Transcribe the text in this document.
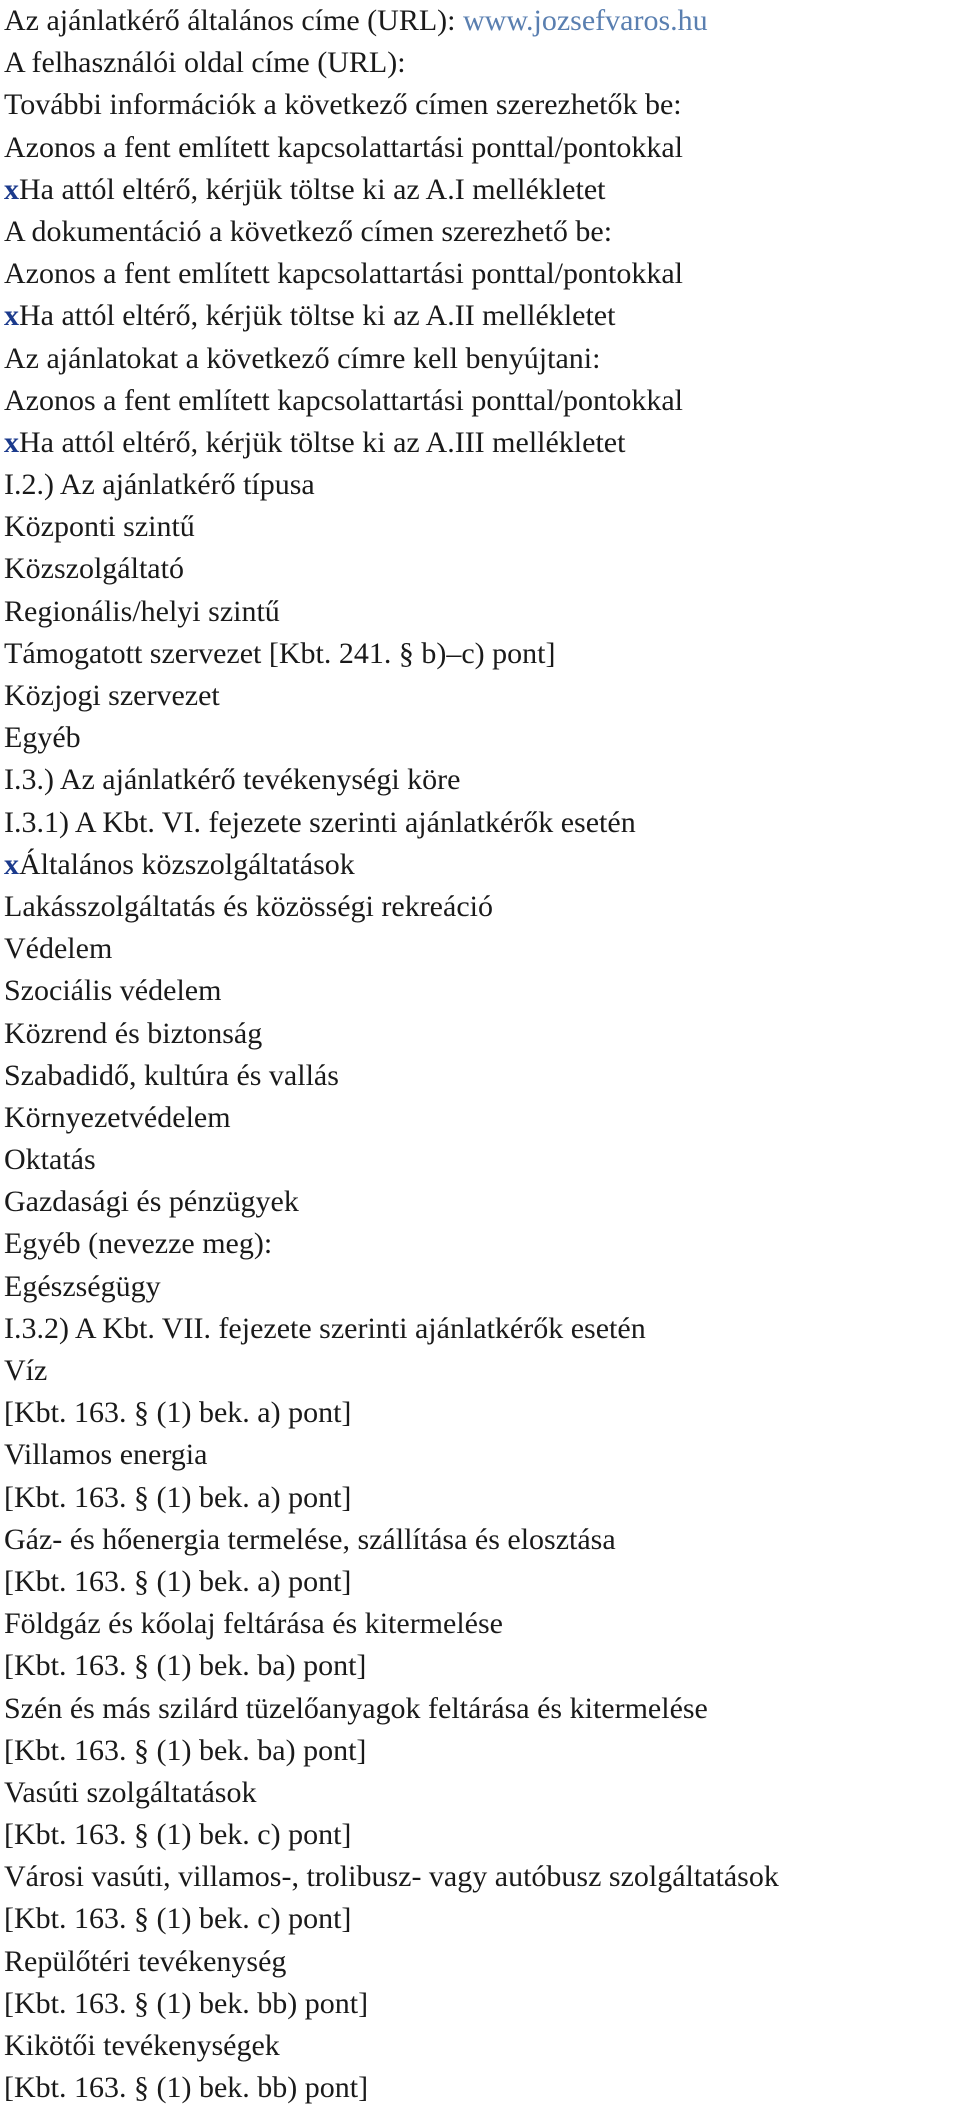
Az ajánlatkérő általános címe (URL): www.jozsefvaros.hu
A felhasználói oldal címe (URL):
További információk a következő címen szerezhetők be:
Azonos a fent említett kapcsolattartási ponttal/pontokkal
xHa attól eltérő, kérjük töltse ki az A.I mellékletet
A dokumentáció a következő címen szerezhető be:
Azonos a fent említett kapcsolattartási ponttal/pontokkal
xHa attól eltérő, kérjük töltse ki az A.II mellékletet
Az ajánlatokat a következő címre kell benyújtani:
Azonos a fent említett kapcsolattartási ponttal/pontokkal
xHa attól eltérő, kérjük töltse ki az A.III mellékletet
I.2.) Az ajánlatkérő típusa
Központi szintű
Közszolgáltató
Regionális/helyi szintű
Támogatott szervezet [Kbt. 241. § b)–c) pont]
Közjogi szervezet
Egyéb
I.3.) Az ajánlatkérő tevékenységi köre
I.3.1) A Kbt. VI. fejezete szerinti ajánlatkérők esetén
xÁltalános közszolgáltatások
Lakásszolgáltatás és közösségi rekreáció
Védelem
Szociális védelem
Közrend és biztonság
Szabadidő, kultúra és vallás
Környezetvédelem
Oktatás
Gazdasági és pénzügyek
Egyéb (nevezze meg):
Egészségügy
I.3.2) A Kbt. VII. fejezete szerinti ajánlatkérők esetén
Víz
[Kbt. 163. § (1) bek. a) pont]
Villamos energia
[Kbt. 163. § (1) bek. a) pont]
Gáz- és hőenergia termelése, szállítása és elosztása
[Kbt. 163. § (1) bek. a) pont]
Földgáz és kőolaj feltárása és kitermelése
[Kbt. 163. § (1) bek. ba) pont]
Szén és más szilárd tüzelőanyagok feltárása és kitermelése
[Kbt. 163. § (1) bek. ba) pont]
Vasúti szolgáltatások
[Kbt. 163. § (1) bek. c) pont]
Városi vasúti, villamos-, trolibusz- vagy autóbusz szolgáltatások
[Kbt. 163. § (1) bek. c) pont]
Repülőtéri tevékenység
[Kbt. 163. § (1) bek. bb) pont]
Kikötői tevékenységek
[Kbt. 163. § (1) bek. bb) pont]
